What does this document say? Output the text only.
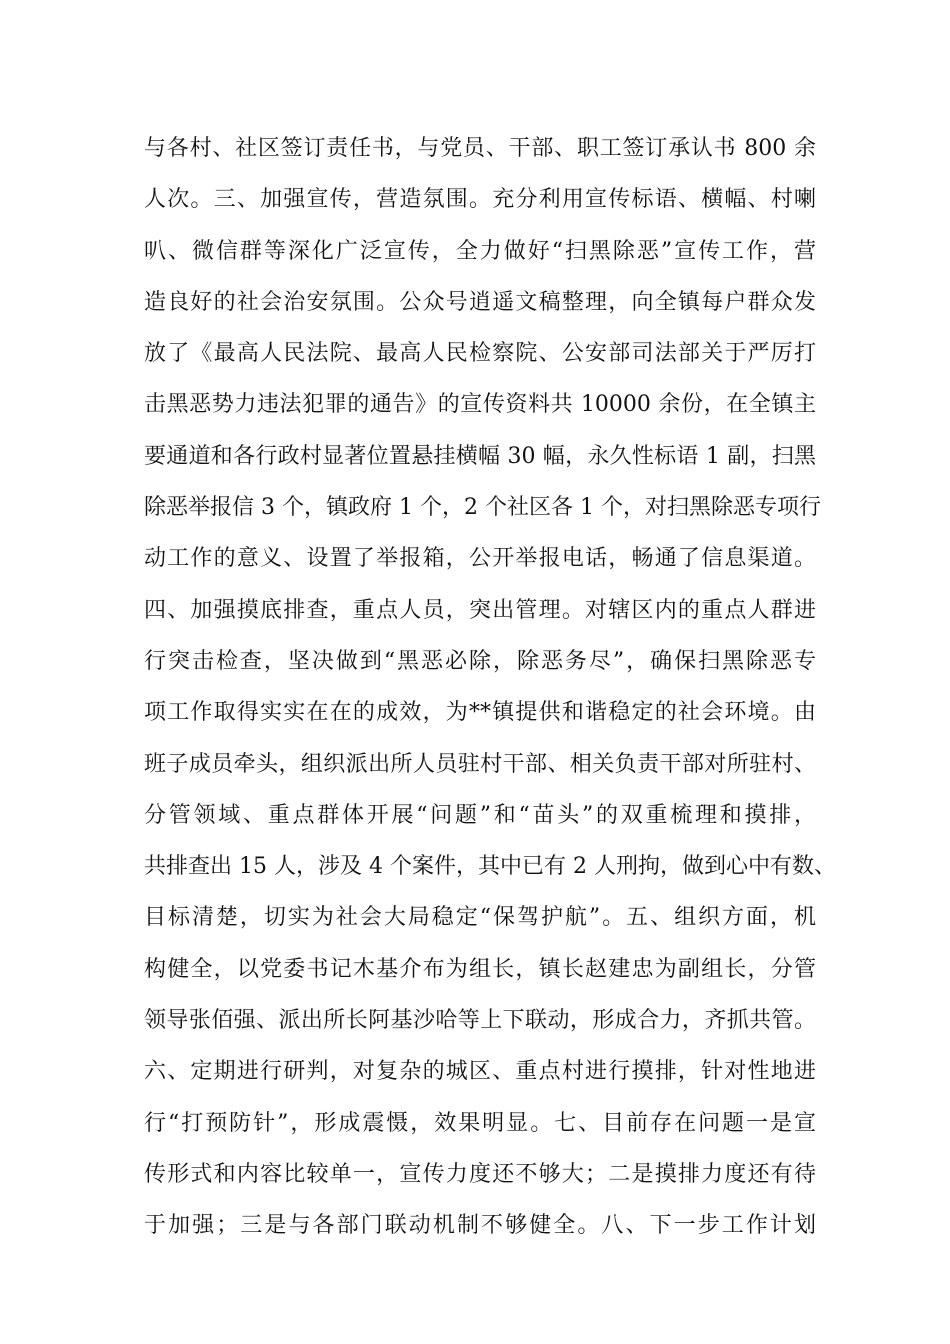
与各村、社区签订责任书，与党员、干部、职工签订承认书 800 余
人次。三、加强宣传，营造氛围。充分利用宣传标语、横幅、村喇
叭、微信群等深化广泛宣传，全力做好“扫黑除恶”宣传工作，营
造良好的社会治安氛围。公众号逍遥文稿整理，向全镇每户群众发
放了《最高人民法院、最高人民检察院、公安部司法部关于严厉打
击黑恶势力违法犯罪的通告》的宣传资料共 10000 余份，在全镇主
要通道和各行政村显著位置悬挂横幅 30 幅，永久性标语 1 副，扫黑
除恶举报信 3 个，镇政府 1 个，2 个社区各 1 个，对扫黑除恶专项行
动工作的意义、设置了举报箱，公开举报电话，畅通了信息渠道。
四、加强摸底排查，重点人员，突出管理。对辖区内的重点人群进
行突击检查，坚决做到“黑恶必除，除恶务尽”，确保扫黑除恶专
项工作取得实实在在的成效，为**镇提供和谐稳定的社会环境。由
班子成员牵头，组织派出所人员驻村干部、相关负责干部对所驻村、
分管领域、重点群体开展“问题”和“苗头”的双重梳理和摸排，
共排查出 15 人，涉及 4 个案件，其中已有 2 人刑拘，做到心中有数、
目标清楚，切实为社会大局稳定“保驾护航”。五、组织方面，机
构健全，以党委书记木基介布为组长，镇长赵建忠为副组长，分管
领导张佰强、派出所长阿基沙哈等上下联动，形成合力，齐抓共管。
六、定期进行研判，对复杂的城区、重点村进行摸排，针对性地进
行“打预防针”，形成震慑，效果明显。七、目前存在问题一是宣
传形式和内容比较单一，宣传力度还不够大；二是摸排力度还有待
于加强；三是与各部门联动机制不够健全。八、下一步工作计划
